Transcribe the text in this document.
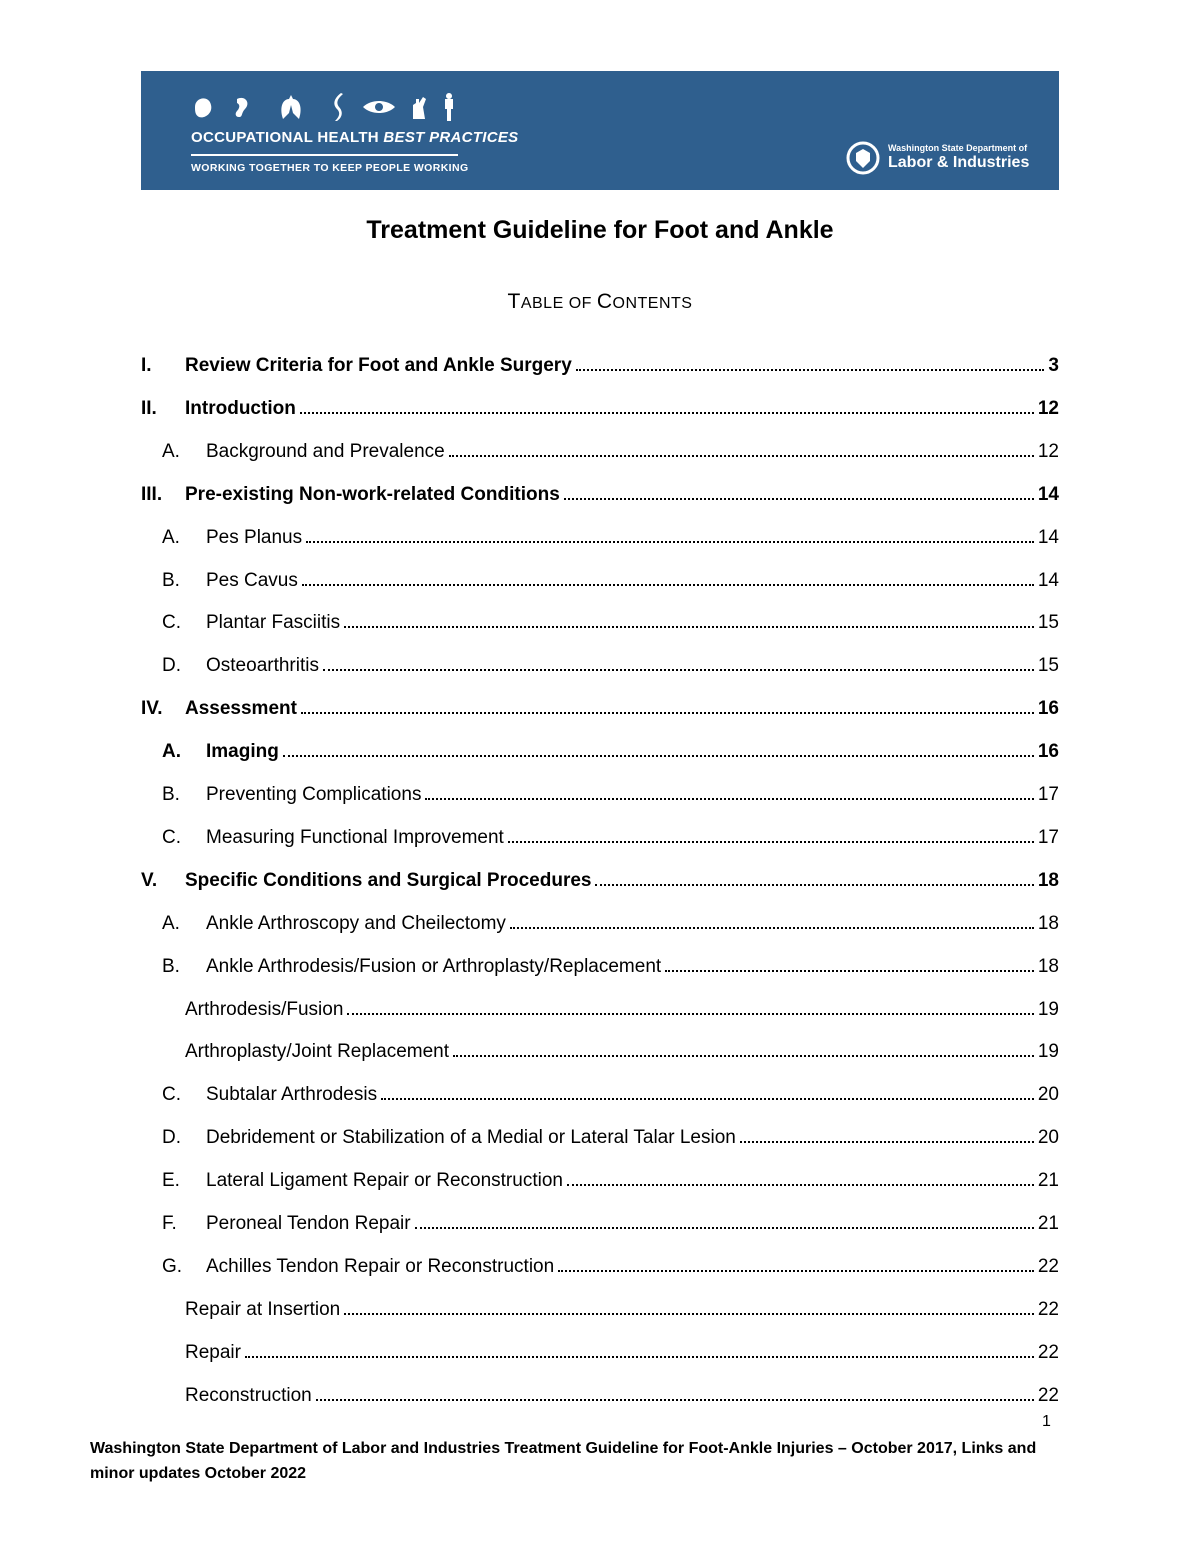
OCCUPATIONAL HEALTH BEST PRACTICES
WORKING TOGETHER TO KEEP PEOPLE WORKING
Washington State Department of
Labor & Industries
Treatment Guideline for Foot and Ankle
TABLE OF CONTENTS
I.	Review Criteria for Foot and Ankle Surgery	3
II.	Introduction	12
A.	Background and Prevalence	12
III.	Pre-existing Non-work-related Conditions	14
A.	Pes Planus	14
B.	Pes Cavus	14
C.	Plantar Fasciitis	15
D.	Osteoarthritis	15
IV.	Assessment	16
A.	Imaging	16
B.	Preventing Complications	17
C.	Measuring Functional Improvement	17
V.	Specific Conditions and Surgical Procedures	18
A.	Ankle Arthroscopy and Cheilectomy	18
B.	Ankle Arthrodesis/Fusion or Arthroplasty/Replacement	18
Arthrodesis/Fusion	19
Arthroplasty/Joint Replacement	19
C.	Subtalar Arthrodesis	20
D.	Debridement or Stabilization of a Medial or Lateral Talar Lesion	20
E.	Lateral Ligament Repair or Reconstruction	21
F.	Peroneal Tendon Repair	21
G.	Achilles Tendon Repair or Reconstruction	22
Repair at Insertion	22
Repair	22
Reconstruction	22
1
Washington State Department of Labor and Industries Treatment Guideline for Foot-Ankle Injuries – October 2017, Links and minor updates October 2022
